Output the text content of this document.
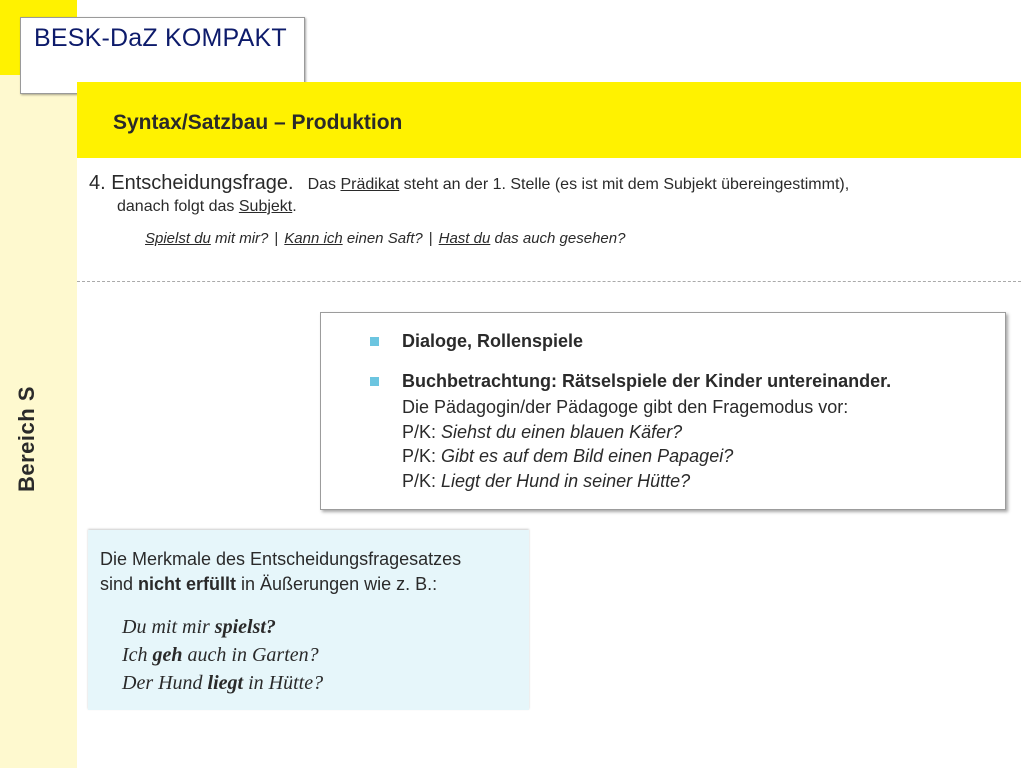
BESK-DaZ KOMPAKT
Bereich S
Syntax/Satzbau – Produktion
4. Entscheidungsfrage. Das Prädikat steht an der 1. Stelle (es ist mit dem Subjekt übereingestimmt),
danach folgt das Subjekt.
Spielst du mit mir? | Kann ich einen Saft? | Hast du das auch gesehen?
Dialoge, Rollenspiele
Buchbetrachtung: Rätselspiele der Kinder untereinander.
Die Pädagogin/der Pädagoge gibt den Fragemodus vor:
P/K: Siehst du einen blauen Käfer?
P/K: Gibt es auf dem Bild einen Papagei?
P/K: Liegt der Hund in seiner Hütte?
Die Merkmale des Entscheidungsfragesatzes
sind nicht erfüllt in Äußerungen wie z. B.:
Du mit mir spielst?
Ich geh auch in Garten?
Der Hund liegt in Hütte?
